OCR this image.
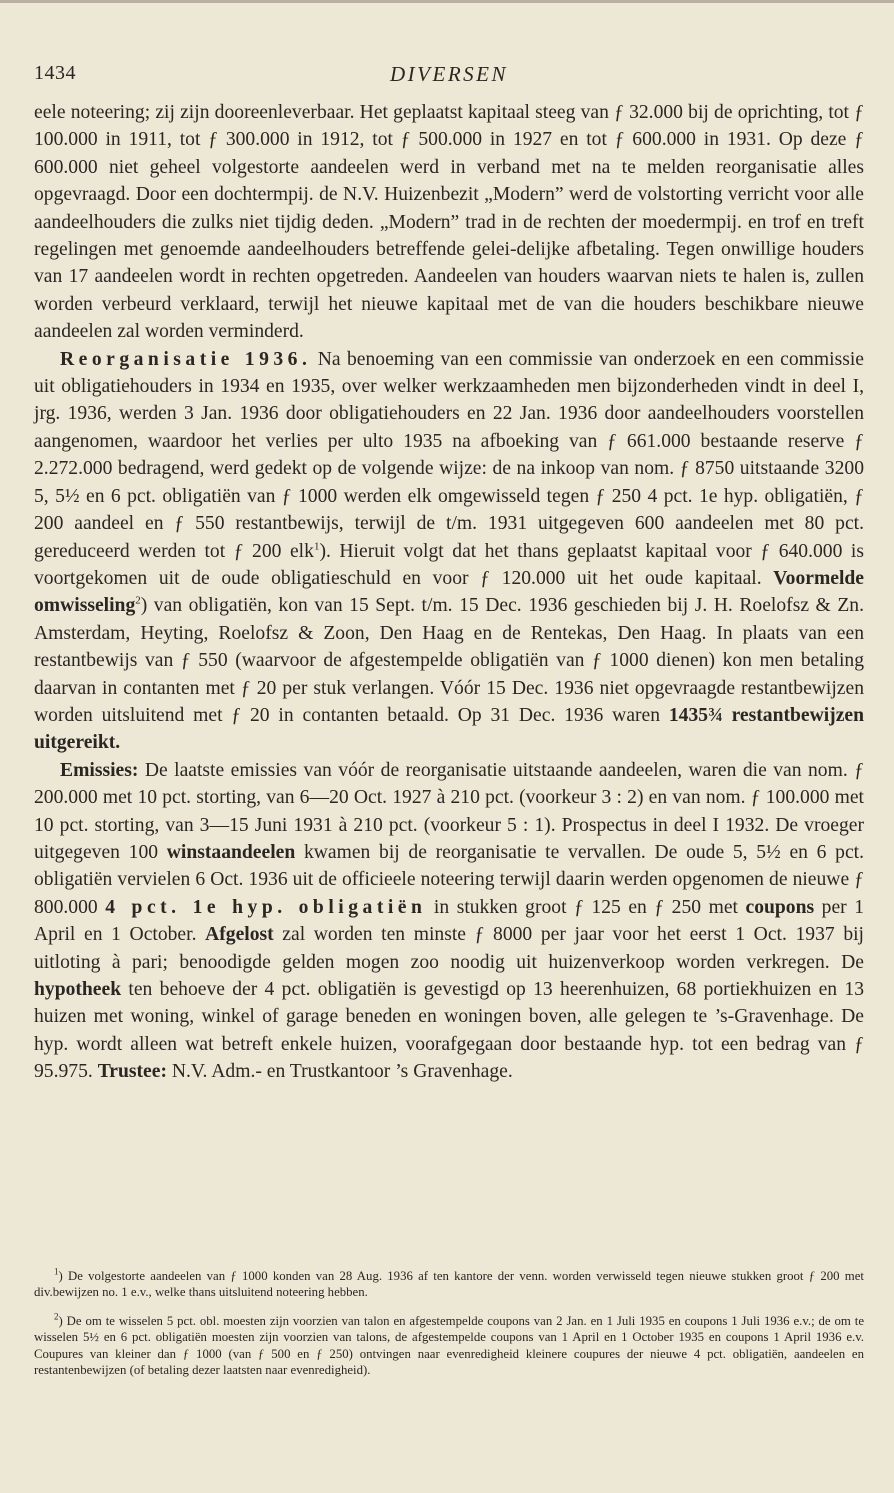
1434	DIVERSEN

eele noteering; zij zijn dooreenleverbaar. Het geplaatst kapitaal steeg van ƒ 32.000 bij de oprichting, tot ƒ 100.000 in 1911, tot ƒ 300.000 in 1912, tot ƒ 500.000 in 1927 en tot ƒ 600.000 in 1931. Op deze ƒ 600.000 niet geheel volgestorte aandeelen werd in verband met na te melden reorganisatie alles opgevraagd. Door een dochtermpij. de N.V. Huizenbezit „Modern” werd de volstorting verricht voor alle aandeelhouders die zulks niet tijdig deden. „Modern” trad in de rechten der moedermpij. en trof en treft regelingen met genoemde aandeelhouders betreffende gelei-delijke afbetaling. Tegen onwillige houders van 17 aandeelen wordt in rechten opgetreden. Aandeelen van houders waarvan niets te halen is, zullen worden verbeurd verklaard, terwijl het nieuwe kapitaal met de van die houders beschikbare nieuwe aandeelen zal worden verminderd.

Reorganisatie 1936. Na benoeming van een commissie van onderzoek en een commissie uit obligatiehouders in 1934 en 1935, over welker werkzaamheden men bijzonderheden vindt in deel I, jrg. 1936, werden 3 Jan. 1936 door obligatiehouders en 22 Jan. 1936 door aandeelhouders voorstellen aangenomen, waardoor het verlies per ulto 1935 na afboeking van ƒ 661.000 bestaande reserve ƒ 2.272.000 bedragend, werd gedekt op de volgende wijze: de na inkoop van nom. ƒ 8750 uitstaande 3200 5, 5½ en 6 pct. obligatiën van ƒ 1000 werden elk omgewisseld tegen ƒ 250 4 pct. 1e hyp. obligatiën, ƒ 200 aandeel en ƒ 550 restantbewijs, terwijl de t/m. 1931 uitgegeven 600 aandeelen met 80 pct. gereduceerd werden tot ƒ 200 elk$^1$). Hieruit volgt dat het thans geplaatst kapitaal voor ƒ 640.000 is voortgekomen uit de oude obligatieschuld en voor ƒ 120.000 uit het oude kapitaal. Voormelde omwisseling$^2$) van obligatiën, kon van 15 Sept. t/m. 15 Dec. 1936 geschieden bij J. H. Roelofsz & Zn. Amsterdam, Heyting, Roelofsz & Zoon, Den Haag en de Rentekas, Den Haag. In plaats van een restantbewijs van ƒ 550 (waarvoor de afgestempelde obligatiën van ƒ 1000 dienen) kon men betaling daarvan in contanten met ƒ 20 per stuk verlangen. Vóór 15 Dec. 1936 niet opgevraagde restantbewijzen worden uitsluitend met ƒ 20 in contanten betaald. Op 31 Dec. 1936 waren 1435¾ restantbewijzen uitgereikt.

Emissies: De laatste emissies van vóór de reorganisatie uitstaande aandeelen, waren die van nom. ƒ 200.000 met 10 pct. storting, van 6—20 Oct. 1927 à 210 pct. (voorkeur 3 : 2) en van nom. ƒ 100.000 met 10 pct. storting, van 3—15 Juni 1931 à 210 pct. (voorkeur 5 : 1). Prospectus in deel I 1932. De vroeger uitgegeven 100 winstaandeelen kwamen bij de reorganisatie te vervallen. De oude 5, 5½ en 6 pct. obligatiën vervielen 6 Oct. 1936 uit de officieele noteering terwijl daarin werden opgenomen de nieuwe ƒ 800.000 4 pct. 1e hyp. obligatiën in stukken groot ƒ 125 en ƒ 250 met coupons per 1 April en 1 October. Afgelost zal worden ten minste ƒ 8000 per jaar voor het eerst 1 Oct. 1937 bij uitloting à pari; benoodigde gelden mogen zoo noodig uit huizenverkoop worden verkregen. De hypotheek ten behoeve der 4 pct. obligatiën is gevestigd op 13 heerenhuizen, 68 portiekhuizen en 13 huizen met woning, winkel of garage beneden en woningen boven, alle gelegen te ’s-Gravenhage. De hyp. wordt alleen wat betreft enkele huizen, voorafgegaan door bestaande hyp. tot een bedrag van ƒ 95.975. Trustee: N.V. Adm.- en Trustkantoor ’s Gravenhage.

$^1$) De volgestorte aandeelen van ƒ 1000 konden van 28 Aug. 1936 af ten kantore der venn. worden verwisseld tegen nieuwe stukken groot ƒ 200 met div.bewijzen no. 1 e.v., welke thans uitsluitend noteering hebben.

$^2$) De om te wisselen 5 pct. obl. moesten zijn voorzien van talon en afgestempelde coupons van 2 Jan. en 1 Juli 1935 en coupons 1 Juli 1936 e.v.; de om te wisselen 5½ en 6 pct. obligatiën moesten zijn voorzien van talons, de afgestempelde coupons van 1 April en 1 October 1935 en coupons 1 April 1936 e.v. Coupures van kleiner dan ƒ 1000 (van ƒ 500 en ƒ 250) ontvingen naar evenredigheid kleinere coupures der nieuwe 4 pct. obligatiën, aandeelen en restantenbewijzen (of betaling dezer laatsten naar evenredigheid).
